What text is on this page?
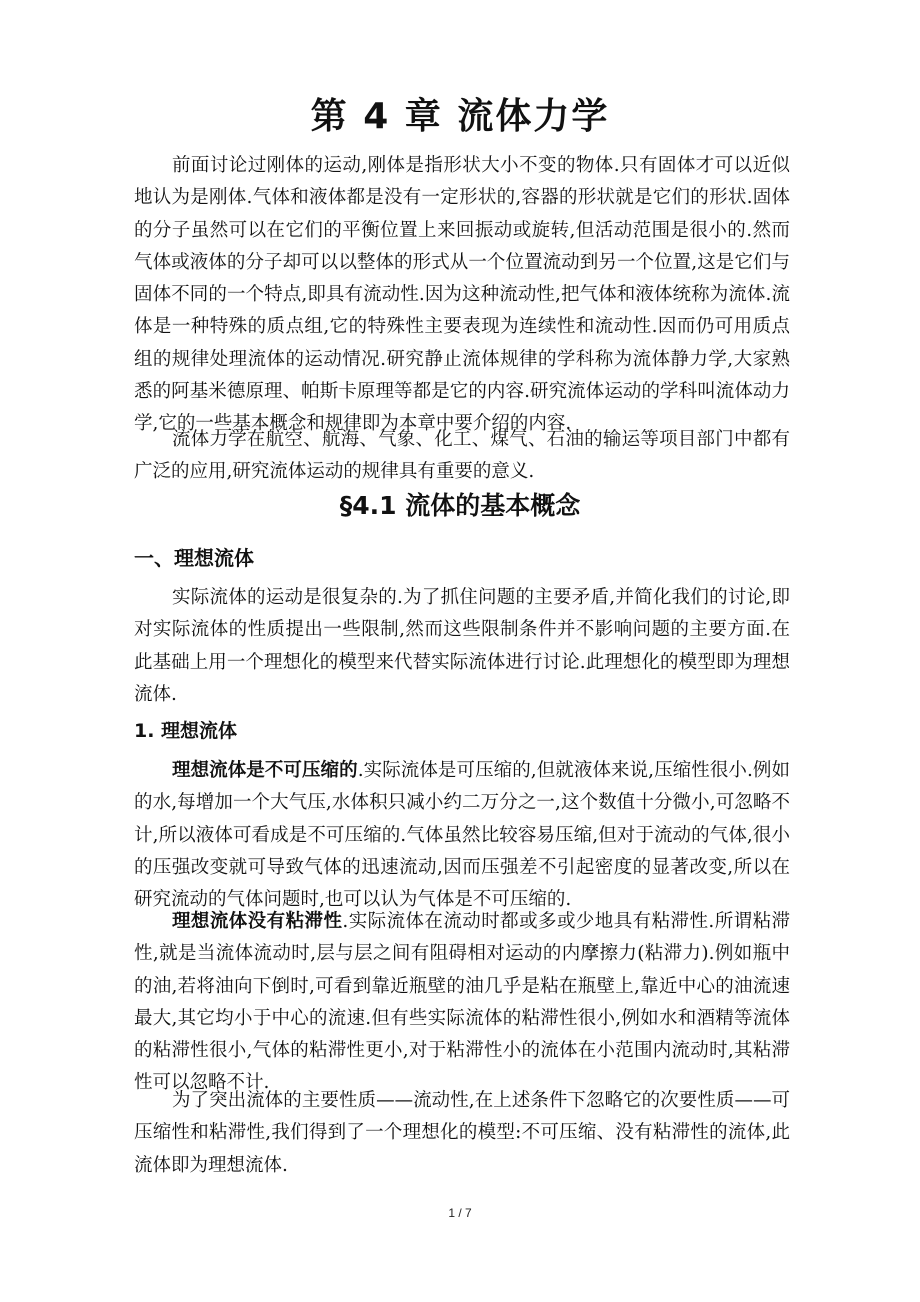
第 4 章 流体力学

前面讨论过刚体的运动,刚体是指形状大小不变的物体.只有固体才可以近似地认为是刚体.气体和液体都是没有一定形状的,容器的形状就是它们的形状.固体的分子虽然可以在它们的平衡位置上来回振动或旋转,但活动范围是很小的.然而气体或液体的分子却可以以整体的形式从一个位置流动到另一个位置,这是它们与固体不同的一个特点,即具有流动性.因为这种流动性,把气体和液体统称为流体.流体是一种特殊的质点组,它的特殊性主要表现为连续性和流动性.因而仍可用质点组的规律处理流体的运动情况.研究静止流体规律的学科称为流体静力学,大家熟悉的阿基米德原理、帕斯卡原理等都是它的内容.研究流体运动的学科叫流体动力学,它的一些基本概念和规律即为本章中要介绍的内容.

流体力学在航空、航海、气象、化工、煤气、石油的输运等项目部门中都有广泛的应用,研究流体运动的规律具有重要的意义.

§4.1 流体的基本概念
一、理想流体

实际流体的运动是很复杂的.为了抓住问题的主要矛盾,并简化我们的讨论,即对实际流体的性质提出一些限制,然而这些限制条件并不影响问题的主要方面.在此基础上用一个理想化的模型来代替实际流体进行讨论.此理想化的模型即为理想流体.

1. 理想流体

理想流体是不可压缩的.实际流体是可压缩的,但就液体来说,压缩性很小.例如的水,每增加一个大气压,水体积只减小约二万分之一,这个数值十分微小,可忽略不计,所以液体可看成是不可压缩的.气体虽然比较容易压缩,但对于流动的气体,很小的压强改变就可导致气体的迅速流动,因而压强差不引起密度的显著改变,所以在研究流动的气体问题时,也可以认为气体是不可压缩的.

理想流体没有粘滞性.实际流体在流动时都或多或少地具有粘滞性.所谓粘滞性,就是当流体流动时,层与层之间有阻碍相对运动的内摩擦力(粘滞力).例如瓶中的油,若将油向下倒时,可看到靠近瓶壁的油几乎是粘在瓶壁上,靠近中心的油流速最大,其它均小于中心的流速.但有些实际流体的粘滞性很小,例如水和酒精等流体的粘滞性很小,气体的粘滞性更小,对于粘滞性小的流体在小范围内流动时,其粘滞性可以忽略不计.

为了突出流体的主要性质——流动性,在上述条件下忽略它的次要性质——可压缩性和粘滞性,我们得到了一个理想化的模型:不可压缩、没有粘滞性的流体,此流体即为理想流体.

1 / 7
